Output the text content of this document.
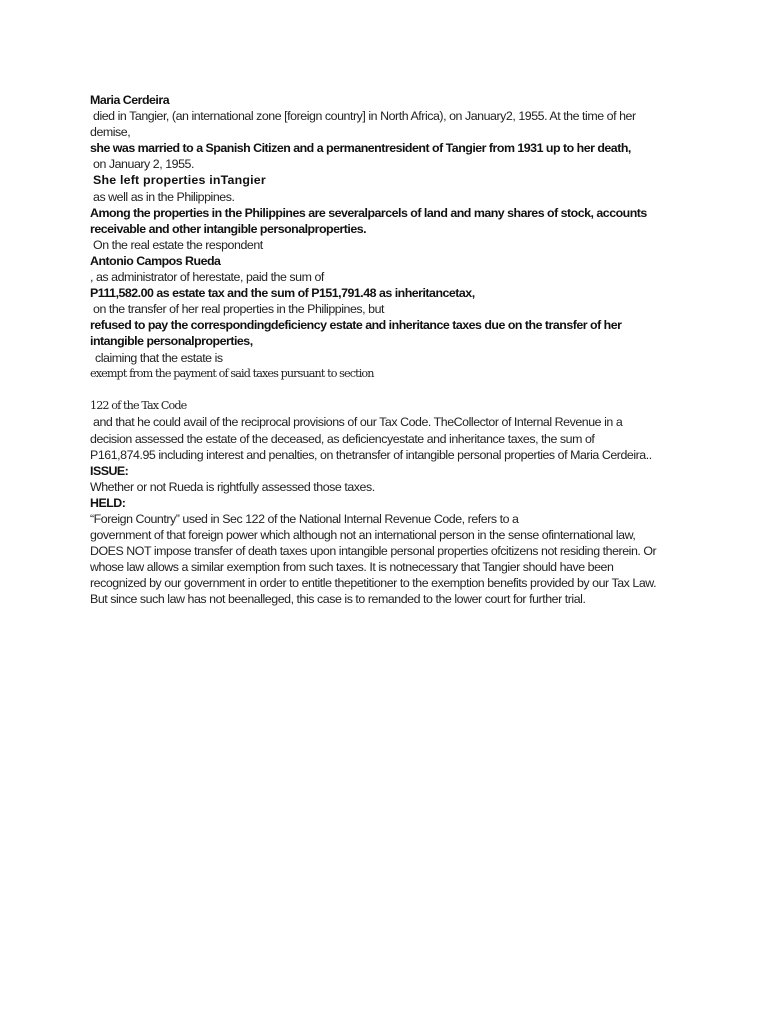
Maria Cerdeira
died in Tangier, (an international zone [foreign country] in North Africa), on January2, 1955. At the time of her
demise,
she was married to a Spanish Citizen and a permanentresident of Tangier from 1931 up to her death,
on January 2, 1955.
She left properties inTangier
as well as in the Philippines.
Among the properties in the Philippines are severalparcels of land and many shares of stock, accounts
receivable and other intangible personalproperties.
On the real estate the respondent
Antonio Campos Rueda
, as administrator of herestate, paid the sum of
P111,582.00 as estate tax and the sum of P151,791.48 as inheritancetax,
on the transfer of her real properties in the Philippines, but
refused to pay the correspondingdeficiency estate and inheritance taxes due on the transfer of her
intangible personalproperties,
claiming that the estate is
exempt from the payment of said taxes pursuant to section
122 of the Tax Code
and that he could avail of the reciprocal provisions of our Tax Code. TheCollector of Internal Revenue in a
decision assessed the estate of the deceased, as deficiencyestate and inheritance taxes, the sum of
P161,874.95 including interest and penalties, on thetransfer of intangible personal properties of Maria Cerdeira..
ISSUE:
Whether or not Rueda is rightfully assessed those taxes.
HELD:
“Foreign Country” used in Sec 122 of the National Internal Revenue Code, refers to a
government of that foreign power which although not an international person in the sense ofinternational law,
DOES NOT impose transfer of death taxes upon intangible personal properties ofcitizens not residing therein. Or
whose law allows a similar exemption from such taxes. It is notnecessary that Tangier should have been
recognized by our government in order to entitle thepetitioner to the exemption benefits provided by our Tax Law.
But since such law has not beenalleged, this case is to remanded to the lower court for further trial.
